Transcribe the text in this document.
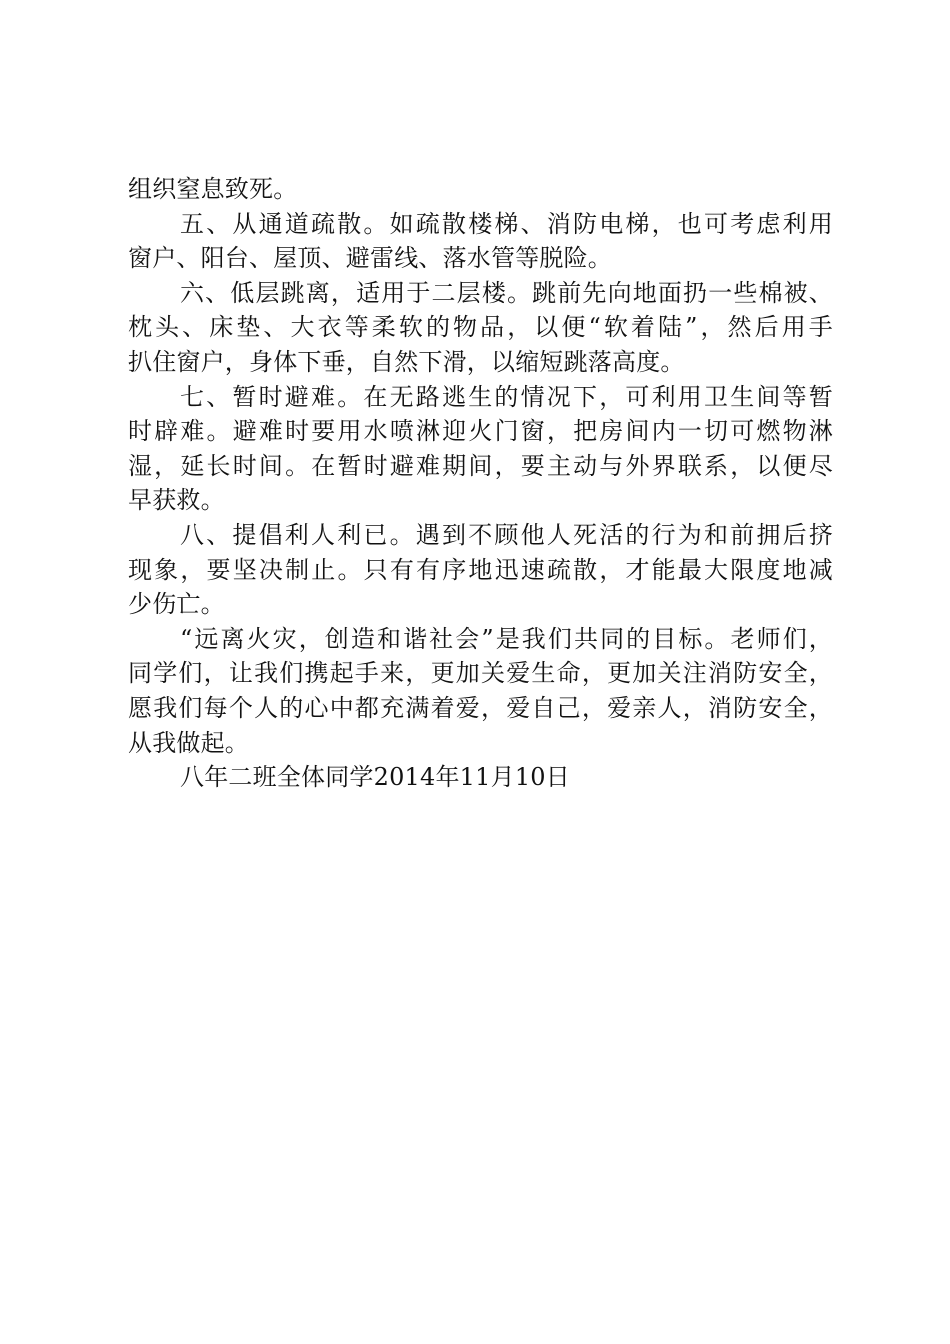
组织窒息致死。
五、从通道疏散。如疏散楼梯、消防电梯，也可考虑利用
窗户、阳台、屋顶、避雷线、落水管等脱险。
六、低层跳离，适用于二层楼。跳前先向地面扔一些棉被、
枕头、床垫、大衣等柔软的物品，以便“软着陆”，然后用手
扒住窗户，身体下垂，自然下滑，以缩短跳落高度。
七、暂时避难。在无路逃生的情况下，可利用卫生间等暂
时辟难。避难时要用水喷淋迎火门窗，把房间内一切可燃物淋
湿，延长时间。在暂时避难期间，要主动与外界联系，以便尽
早获救。
八、提倡利人利已。遇到不顾他人死活的行为和前拥后挤
现象，要坚决制止。只有有序地迅速疏散，才能最大限度地减
少伤亡。
“远离火灾，创造和谐社会”是我们共同的目标。老师们，
同学们，让我们携起手来，更加关爱生命，更加关注消防安全，
愿我们每个人的心中都充满着爱，爱自己，爱亲人，消防安全，
从我做起。
八年二班全体同学2014年11月10日
